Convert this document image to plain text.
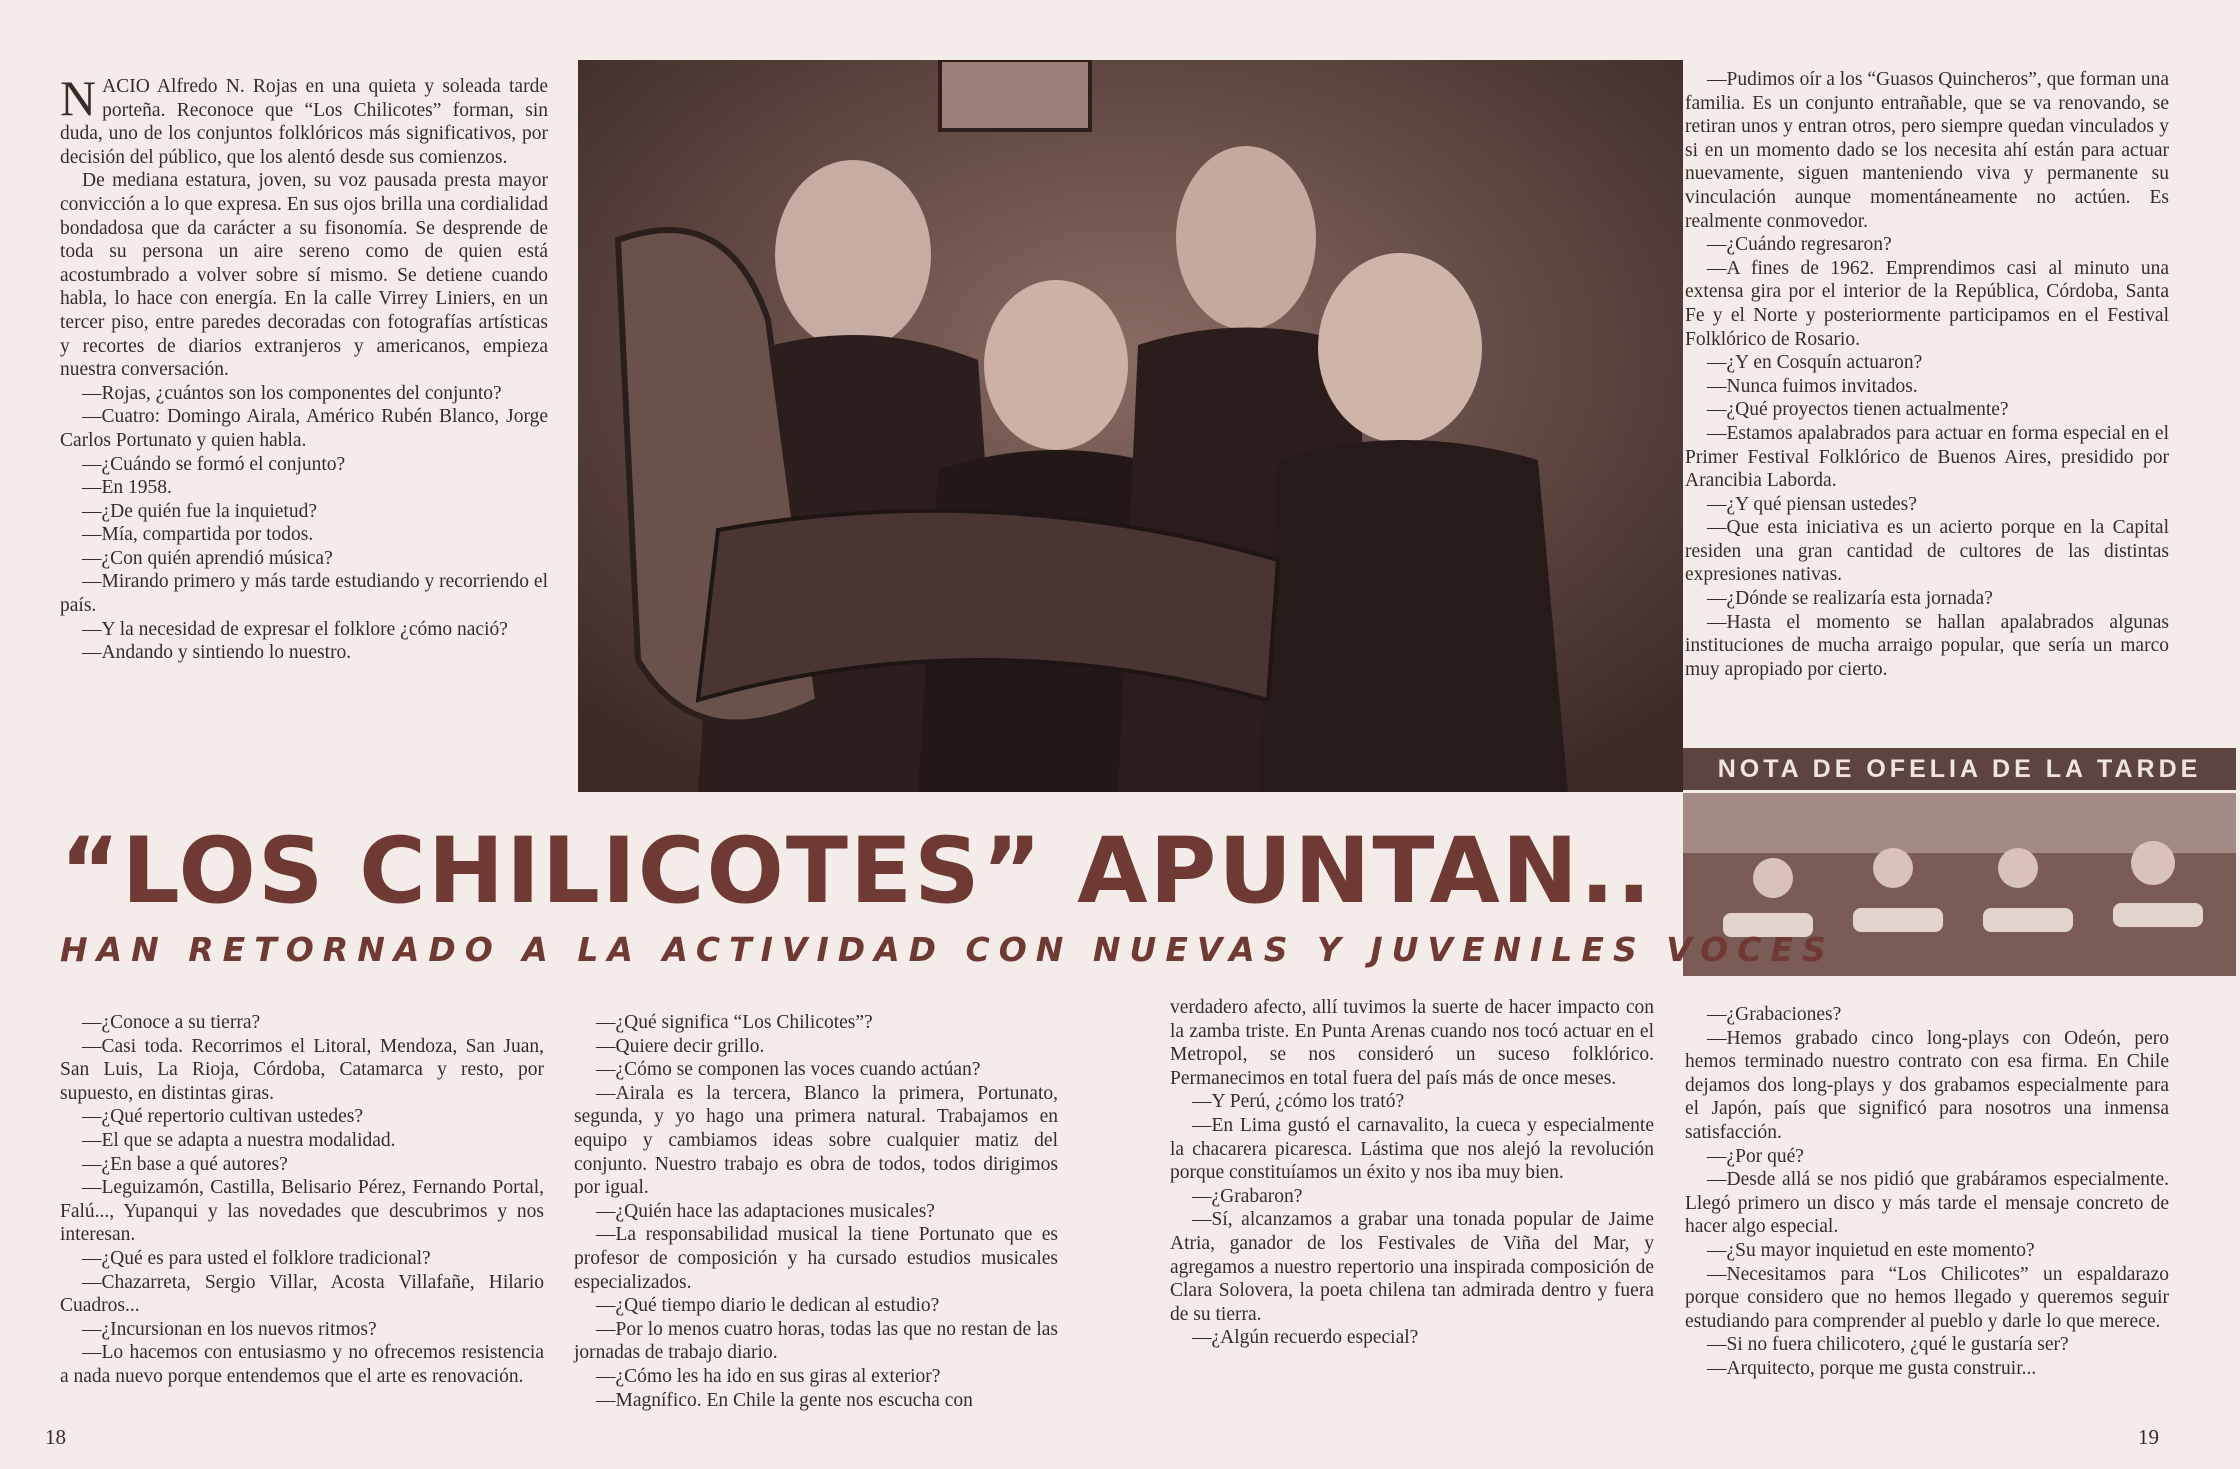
NACIO Alfredo N. Rojas en una quieta y soleada tarde porteña. Reconoce que “Los Chilicotes” forman, sin duda, uno de los conjuntos folklóricos más significativos, por decisión del público, que los alentó desde sus comienzos.

De mediana estatura, joven, su voz pausada presta mayor convicción a lo que expresa. En sus ojos brilla una cordialidad bondadosa que da carácter a su fisonomía. Se desprende de toda su persona un aire sereno como de quien está acostumbrado a volver sobre sí mismo. Se detiene cuando habla, lo hace con energía. En la calle Virrey Liniers, en un tercer piso, entre paredes decoradas con fotografías artísticas y recortes de diarios extranjeros y americanos, empieza nuestra conversación.

—Rojas, ¿cuántos son los componentes del conjunto?

—Cuatro: Domingo Airala, Américo Rubén Blanco, Jorge Carlos Portunato y quien habla.

—¿Cuándo se formó el conjunto?

—En 1958.

—¿De quién fue la inquietud?

—Mía, compartida por todos.

—¿Con quién aprendió música?

—Mirando primero y más tarde estudiando y recorriendo el país.

—Y la necesidad de expresar el folklore ¿cómo nació?

—Andando y sintiendo lo nuestro.

—Pudimos oír a los “Guasos Quincheros”, que forman una familia. Es un conjunto entrañable, que se va renovando, se retiran unos y entran otros, pero siempre quedan vinculados y si en un momento dado se los necesita ahí están para actuar nuevamente, siguen manteniendo viva y permanente su vinculación aunque momentáneamente no actúen. Es realmente conmovedor.

—¿Cuándo regresaron?

—A fines de 1962. Emprendimos casi al minuto una extensa gira por el interior de la República, Córdoba, Santa Fe y el Norte y posteriormente participamos en el Festival Folklórico de Rosario.

—¿Y en Cosquín actuaron?

—Nunca fuimos invitados.

—¿Qué proyectos tienen actualmente?

—Estamos apalabrados para actuar en forma especial en el Primer Festival Folklórico de Buenos Aires, presidido por Arancibia Laborda.

—¿Y qué piensan ustedes?

—Que esta iniciativa es un acierto porque en la Capital residen una gran cantidad de cultores de las distintas expresiones nativas.

—¿Dónde se realizaría esta jornada?

—Hasta el momento se hallan apalabrados algunas instituciones de mucha arraigo popular, que sería un marco muy apropiado por cierto.

NOTA DE OFELIA DE LA TARDE
“LOS CHILICOTES” APUNTAN..
HAN RETORNADO A LA ACTIVIDAD CON NUEVAS Y JUVENILES VOCES

—¿Conoce a su tierra?

—Casi toda. Recorrimos el Litoral, Mendoza, San Juan, San Luis, La Rioja, Córdoba, Catamarca y resto, por supuesto, en distintas giras.

—¿Qué repertorio cultivan ustedes?

—El que se adapta a nuestra modalidad.

—¿En base a qué autores?

—Leguizamón, Castilla, Belisario Pérez, Fernando Portal, Falú..., Yupanqui y las novedades que descubrimos y nos interesan.

—¿Qué es para usted el folklore tradicional?

—Chazarreta, Sergio Villar, Acosta Villafañe, Hilario Cuadros...

—¿Incursionan en los nuevos ritmos?

—Lo hacemos con entusiasmo y no ofrecemos resistencia a nada nuevo porque entendemos que el arte es renovación.

—¿Qué significa “Los Chilicotes”?

—Quiere decir grillo.

—¿Cómo se componen las voces cuando actúan?

—Airala es la tercera, Blanco la primera, Portunato, segunda, y yo hago una primera natural. Trabajamos en equipo y cambiamos ideas sobre cualquier matiz del conjunto. Nuestro trabajo es obra de todos, todos dirigimos por igual.

—¿Quién hace las adaptaciones musicales?

—La responsabilidad musical la tiene Portunato que es profesor de composición y ha cursado estudios musicales especializados.

—¿Qué tiempo diario le dedican al estudio?

—Por lo menos cuatro horas, todas las que no restan de las jornadas de trabajo diario.

—¿Cómo les ha ido en sus giras al exterior?

—Magnífico. En Chile la gente nos escucha con

verdadero afecto, allí tuvimos la suerte de hacer impacto con la zamba triste. En Punta Arenas cuando nos tocó actuar en el Metropol, se nos consideró un suceso folklórico. Permanecimos en total fuera del país más de once meses.

—Y Perú, ¿cómo los trató?

—En Lima gustó el carnavalito, la cueca y especialmente la chacarera picaresca. Lástima que nos alejó la revolución porque constituíamos un éxito y nos iba muy bien.

—¿Grabaron?

—Sí, alcanzamos a grabar una tonada popular de Jaime Atria, ganador de los Festivales de Viña del Mar, y agregamos a nuestro repertorio una inspirada composición de Clara Solovera, la poeta chilena tan admirada dentro y fuera de su tierra.

—¿Algún recuerdo especial?

—¿Grabaciones?

—Hemos grabado cinco long-plays con Odeón, pero hemos terminado nuestro contrato con esa firma. En Chile dejamos dos long-plays y dos grabamos especialmente para el Japón, país que significó para nosotros una inmensa satisfacción.

—¿Por qué?

—Desde allá se nos pidió que grabáramos especialmente. Llegó primero un disco y más tarde el mensaje concreto de hacer algo especial.

—¿Su mayor inquietud en este momento?

—Necesitamos para “Los Chilicotes” un espaldarazo porque considero que no hemos llegado y queremos seguir estudiando para comprender al pueblo y darle lo que merece.

—Si no fuera chilicotero, ¿qué le gustaría ser?

—Arquitecto, porque me gusta construir...

18	19
